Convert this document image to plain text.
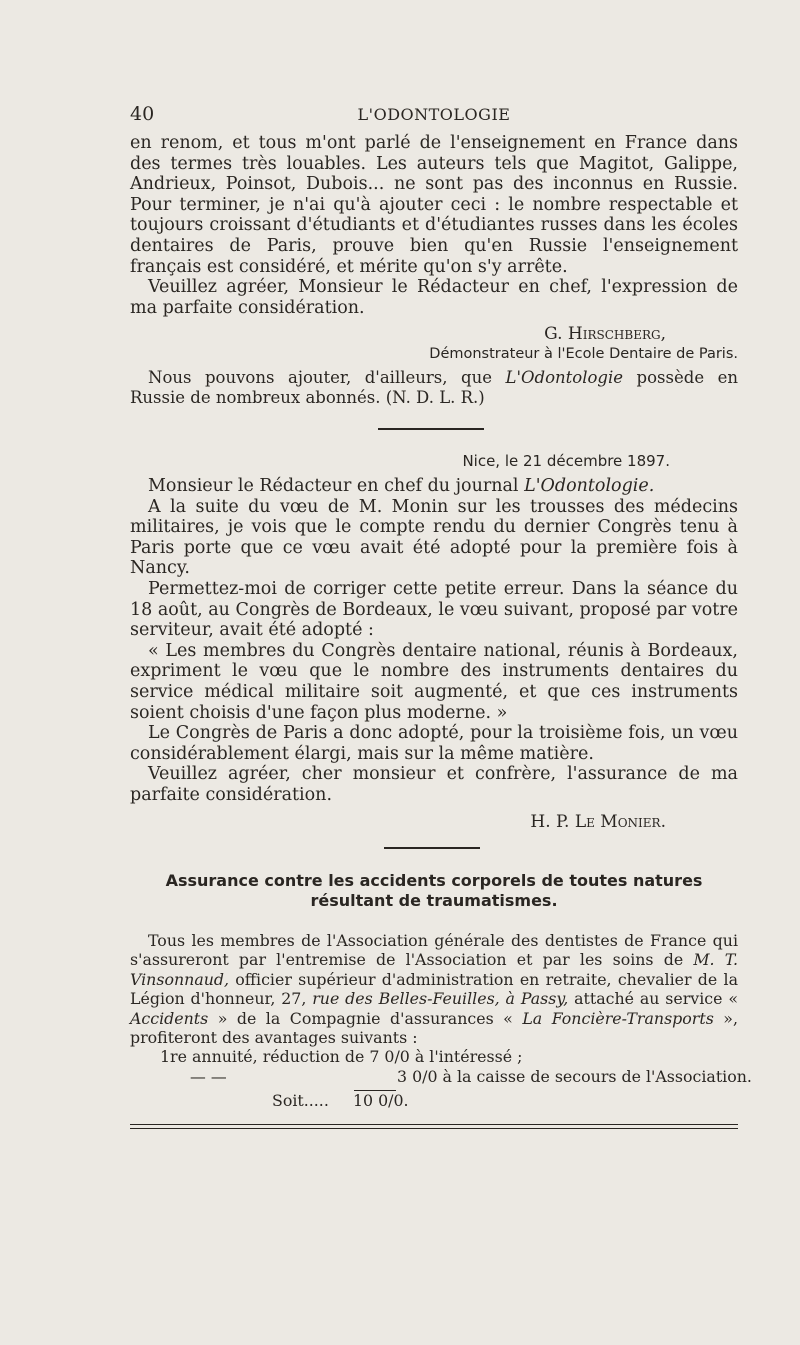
40	L'ODONTOLOGIE

en renom, et tous m'ont parlé de l'enseignement en France dans des termes très louables. Les auteurs tels que Magitot, Galippe, Andrieux, Poinsot, Dubois... ne sont pas des inconnus en Russie. Pour terminer, je n'ai qu'à ajouter ceci : le nombre respectable et toujours croissant d'étudiants et d'étudiantes russes dans les écoles dentaires de Paris, prouve bien qu'en Russie l'enseignement français est considéré, et mérite qu'on s'y arrête.

Veuillez agréer, Monsieur le Rédacteur en chef, l'expression de ma parfaite considération.

G. Hirschberg,

Démonstrateur à l'Ecole Dentaire de Paris.

Nous pouvons ajouter, d'ailleurs, que L'Odontologie possède en Russie de nombreux abonnés. (N. D. L. R.)

Nice, le 21 décembre 1897.

Monsieur le Rédacteur en chef du journal L'Odontologie.

A la suite du vœu de M. Monin sur les trousses des médecins militaires, je vois que le compte rendu du dernier Congrès tenu à Paris porte que ce vœu avait été adopté pour la première fois à Nancy.

Permettez-moi de corriger cette petite erreur. Dans la séance du 18 août, au Congrès de Bordeaux, le vœu suivant, proposé par votre serviteur, avait été adopté :

« Les membres du Congrès dentaire national, réunis à Bordeaux, expriment le vœu que le nombre des instruments dentaires du service médical militaire soit augmenté, et que ces instruments soient choisis d'une façon plus moderne. »

Le Congrès de Paris a donc adopté, pour la troisième fois, un vœu considérablement élargi, mais sur la même matière.

Veuillez agréer, cher monsieur et confrère, l'assurance de ma parfaite considération.

H. P. Le Monier.

Assurance contre les accidents corporels de toutes natures résultant de traumatismes.

Tous les membres de l'Association générale des dentistes de France qui s'assureront par l'entremise de l'Association et par les soins de M. T. Vinsonnaud, officier supérieur d'administration en retraite, chevalier de la Légion d'honneur, 27, rue des Belles-Feuilles, à Passy, attaché au service « Accidents » de la Compagnie d'assurances « La Foncière-Transports », profiteront des avantages suivants :

1re annuité, réduction de 7 0/0 à l'intéressé ;
— —	3 0/0 à la caisse de secours de l'Association.
Soit..... 10 0/0.
